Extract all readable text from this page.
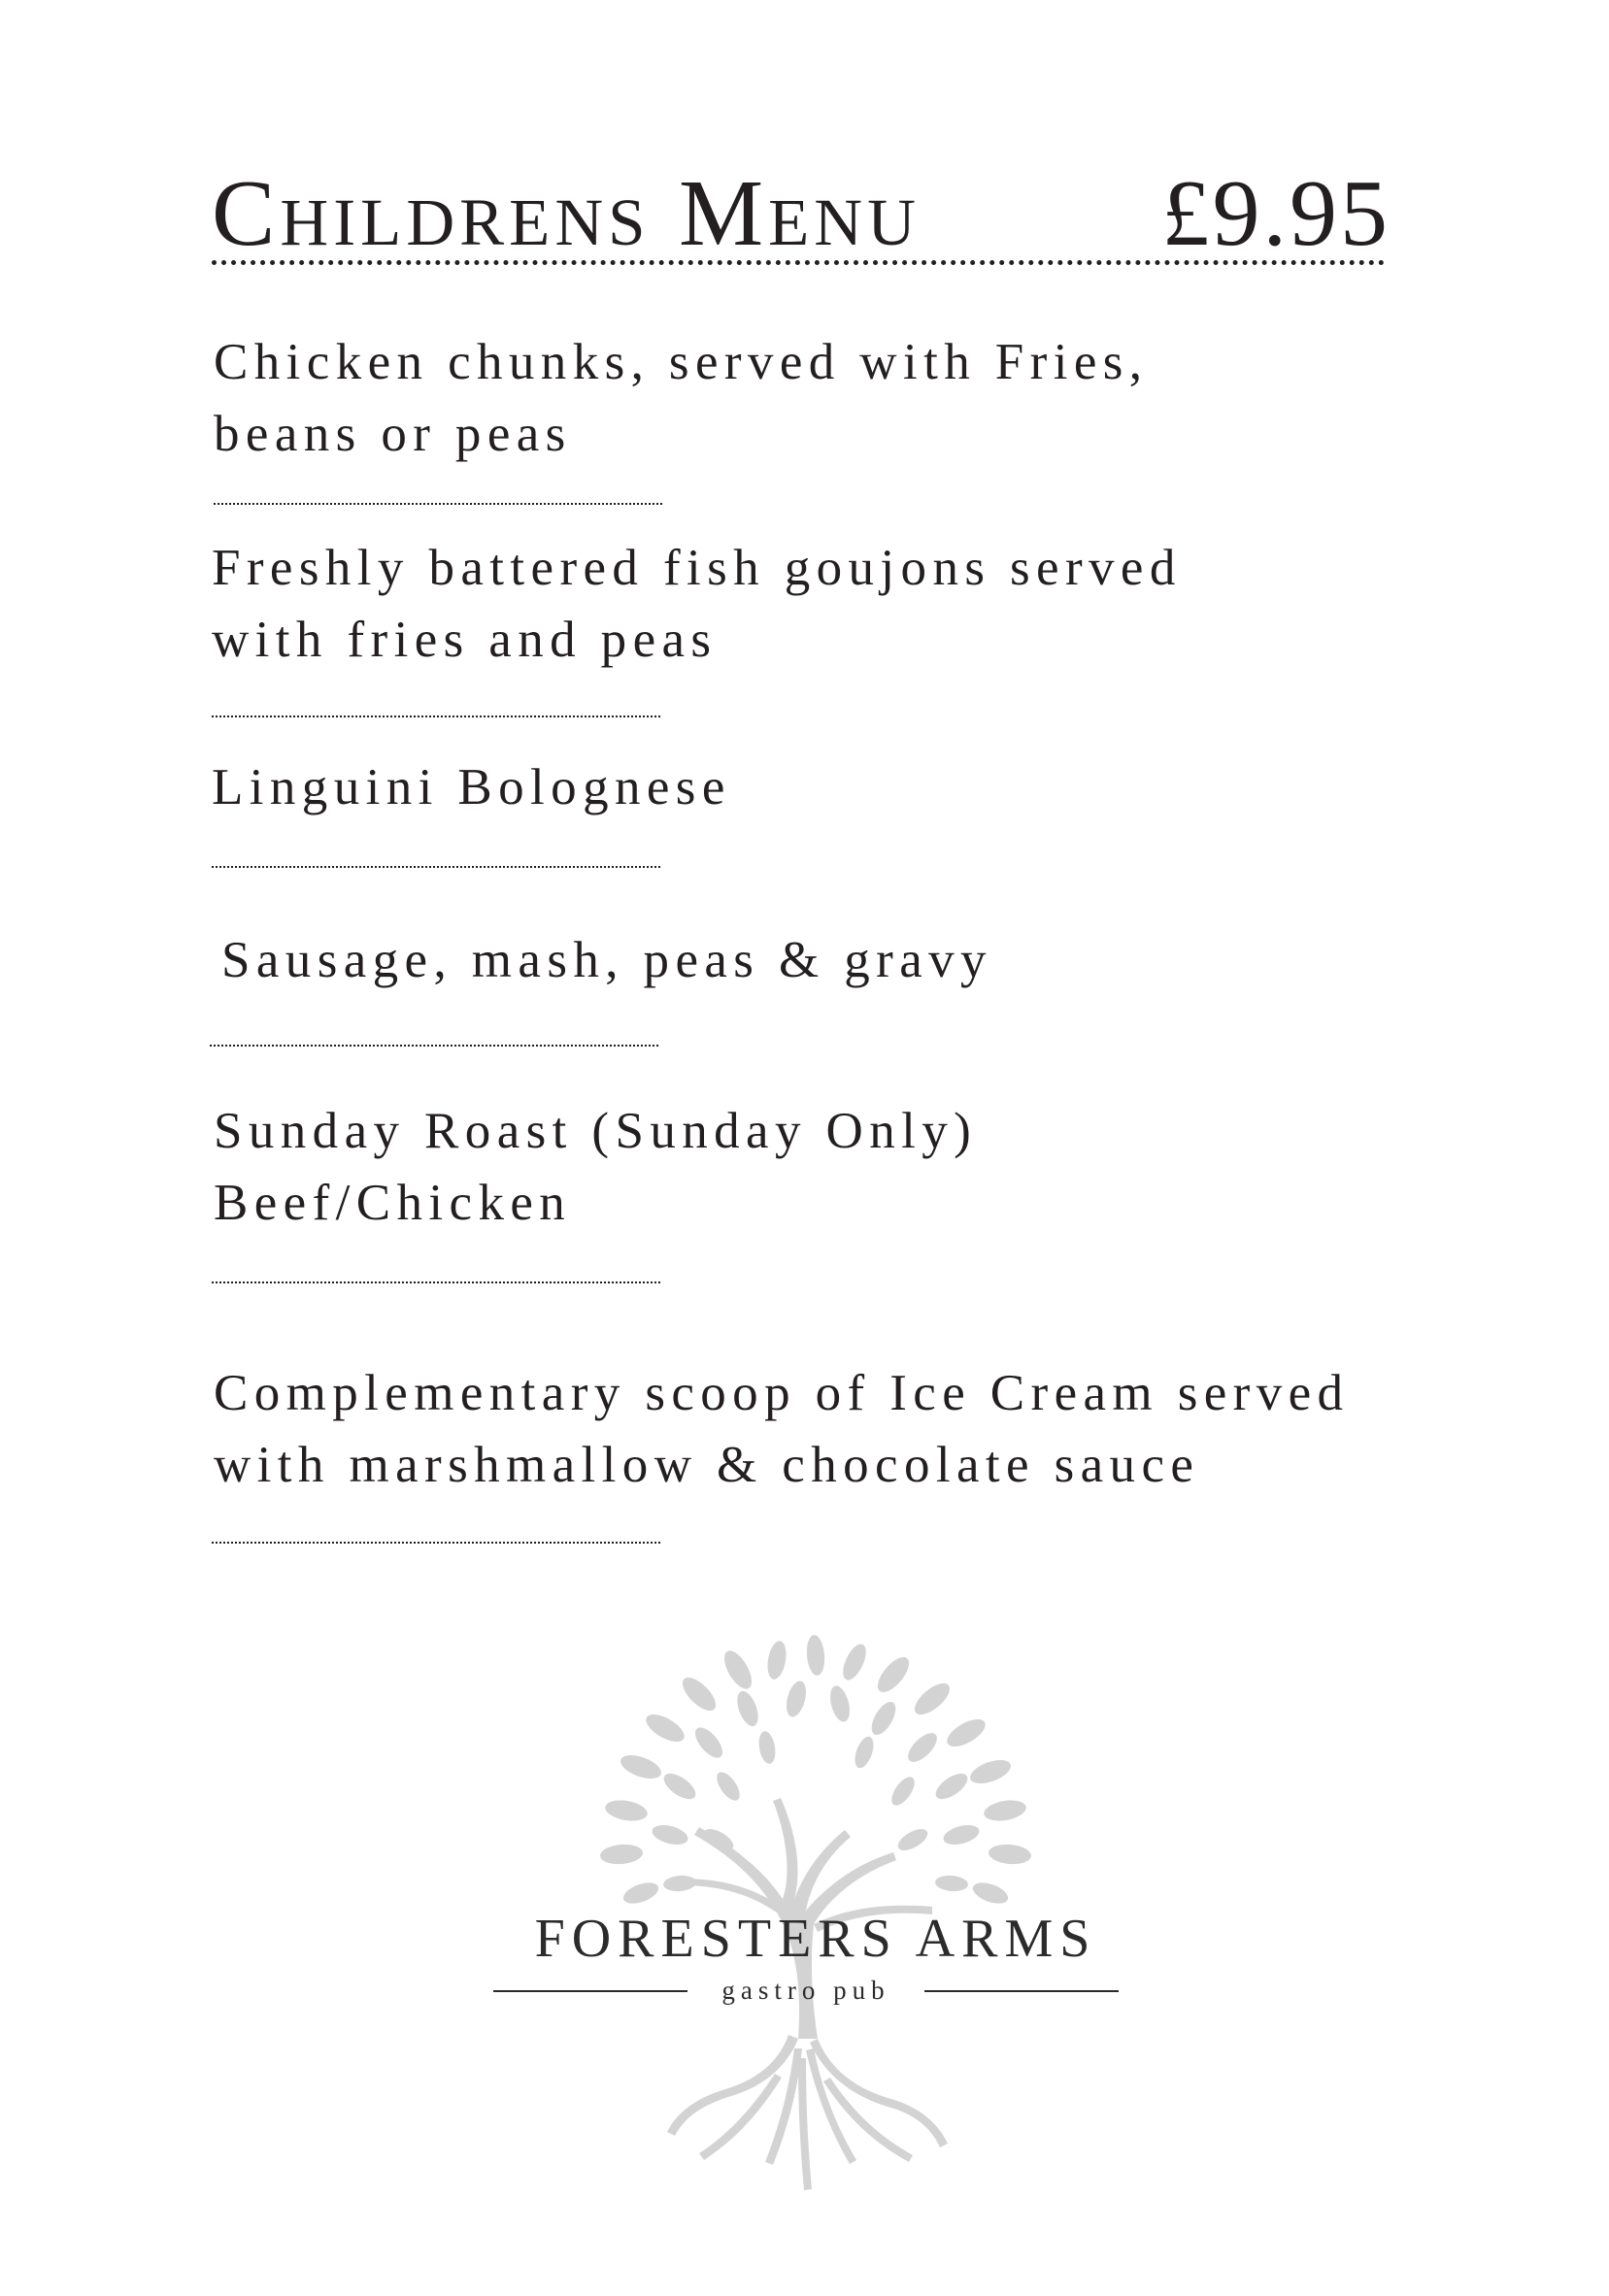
Childrens Menu	£9.95
Chicken chunks, served with Fries,
beans or peas
Freshly battered fish goujons served
with fries and peas
Linguini Bolognese
Sausage, mash, peas & gravy
Sunday Roast (Sunday Only)
Beef/Chicken
Complementary scoop of Ice Cream served
with marshmallow & chocolate sauce
FORESTERS ARMS
gastro pub
